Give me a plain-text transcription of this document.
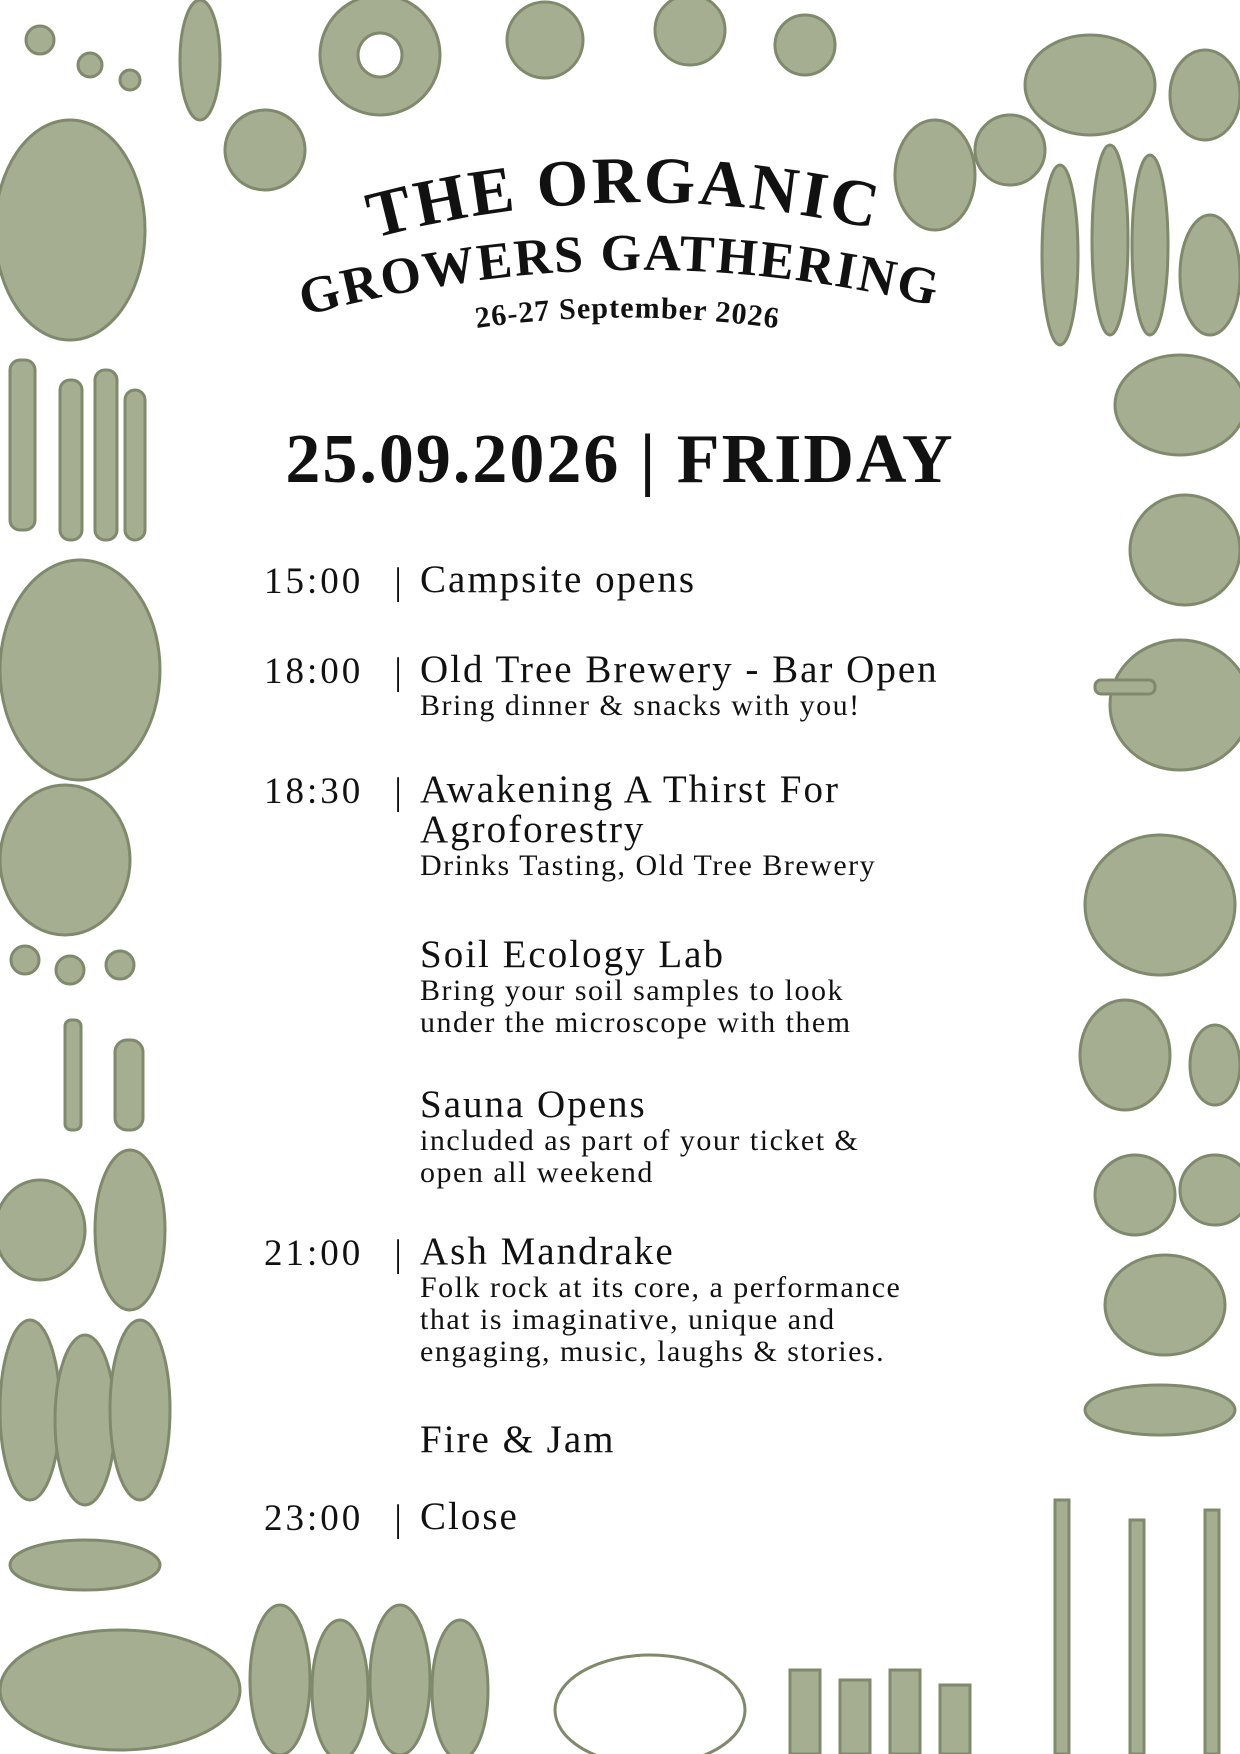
THE ORGANIC
GROWERS GATHERING
26-27 September 2026
25.09.2026 | FRIDAY
15:00 | Campsite opens

18:00 | Old Tree Brewery - Bar Open

Bring dinner & snacks with you!

18:30 | Awakening A Thirst For
Agroforestry

Drinks Tasting, Old Tree Brewery

Soil Ecology Lab

Bring your soil samples to look
under the microscope with them

Sauna Opens

included as part of your ticket &
open all weekend

21:00 | Ash Mandrake

Folk rock at its core, a performance
that is imaginative, unique and
engaging, music, laughs & stories.

Fire & Jam

23:00 | Close
